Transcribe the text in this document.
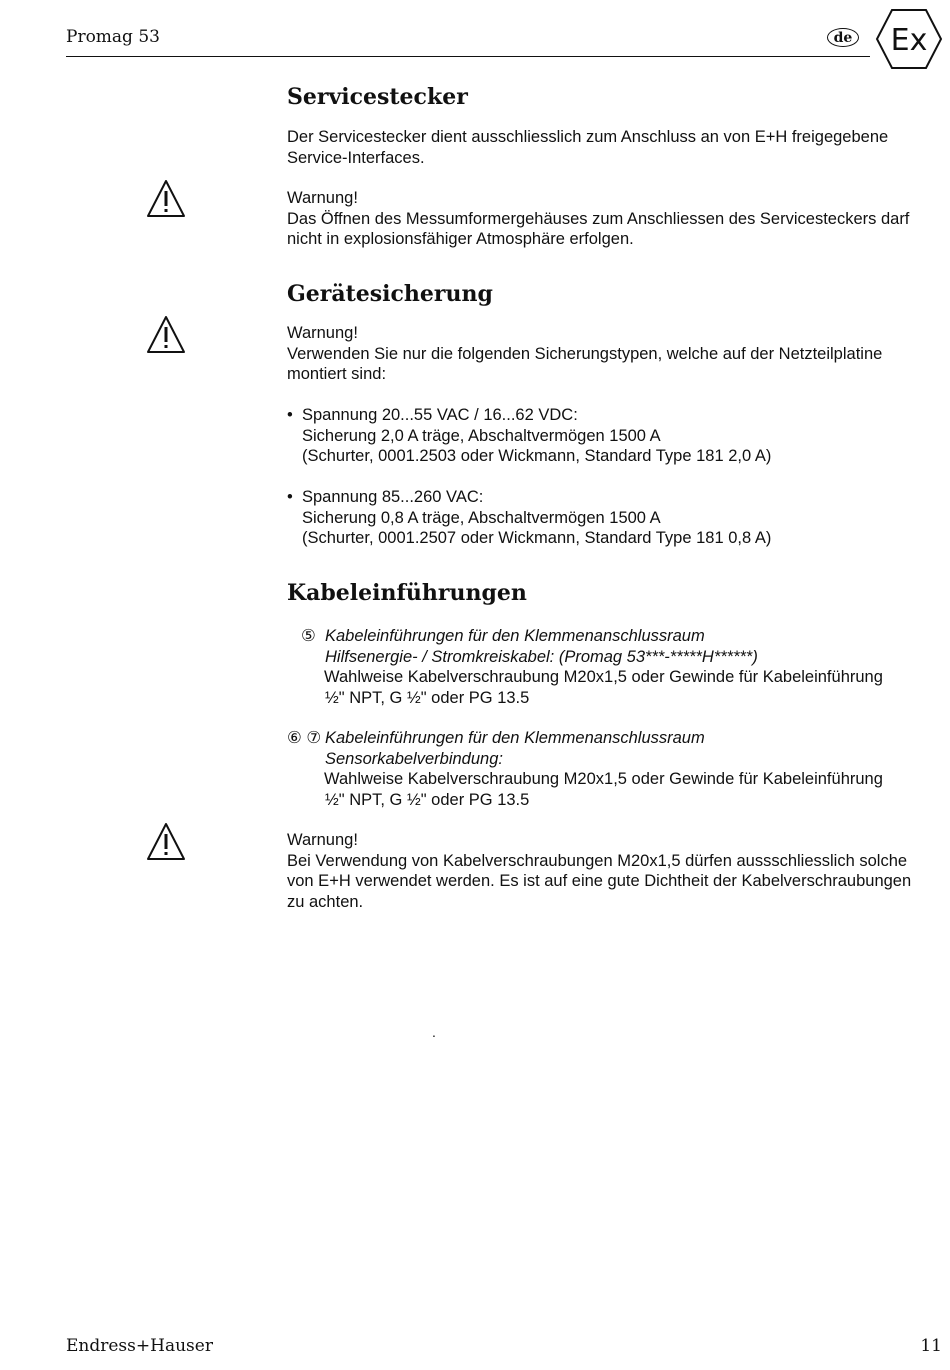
Promag 53	de Ex
Servicestecker

Der Servicestecker dient ausschliesslich zum Anschluss an von E+H freigegebene

Service-Interfaces.

Warnung!

Das Öffnen des Messumformergehäuses zum Anschliessen des Servicesteckers darf

nicht in explosionsfähiger Atmosphäre erfolgen.

Gerätesicherung

Warnung!

Verwenden Sie nur die folgenden Sicherungstypen, welche auf der Netzteilplatine

montiert sind:

• Spannung 20...55 VAC / 16...62 VDC:

Sicherung 2,0 A träge, Abschaltvermögen 1500 A

(Schurter, 0001.2503 oder Wickmann, Standard Type 181 2,0 A)

• Spannung 85...260 VAC:

Sicherung 0,8 A träge, Abschaltvermögen 1500 A

(Schurter, 0001.2507 oder Wickmann, Standard Type 181 0,8 A)

Kabeleinführungen
⑤ Kabeleinführungen für den Klemmenanschlussraum

Hilfsenergie- / Stromkreiskabel: (Promag 53***-*****H******)

Wahlweise Kabelverschraubung M20x1,5 oder Gewinde für Kabeleinführung

½" NPT, G ½" oder PG 13.5

⑥ ⑦ Kabeleinführungen für den Klemmenanschlussraum

Sensorkabelverbindung:

Wahlweise Kabelverschraubung M20x1,5 oder Gewinde für Kabeleinführung

½" NPT, G ½" oder PG 13.5

Warnung!

Bei Verwendung von Kabelverschraubungen M20x1,5 dürfen aussschliesslich solche

von E+H verwendet werden. Es ist auf eine gute Dichtheit der Kabelverschraubungen

zu achten.

.
Endress+Hauser	11
